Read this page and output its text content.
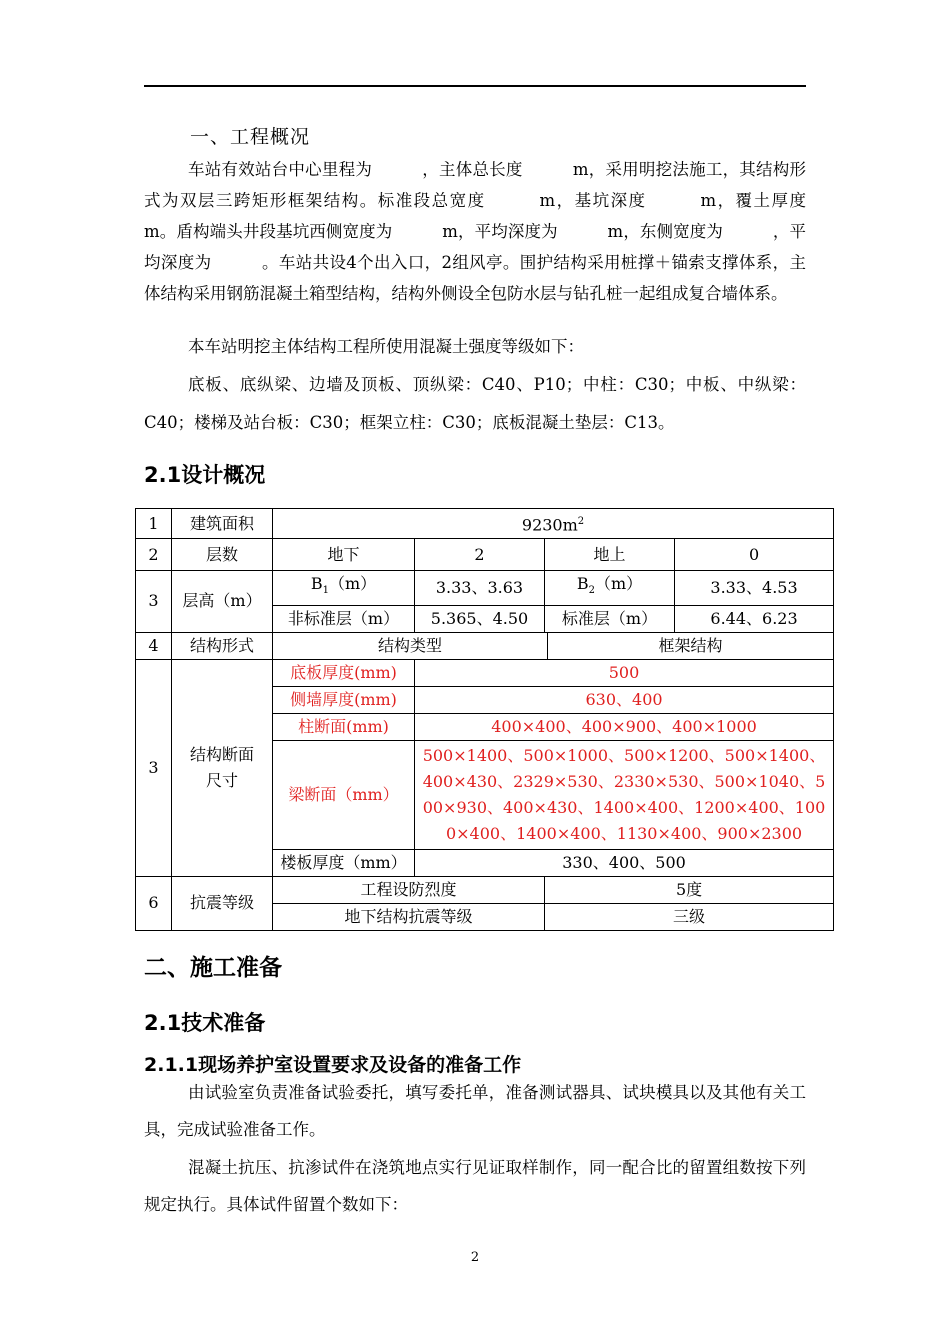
一、工程概况
车站有效站台中心里程为　　　，主体总长度　　　m，采用明挖法施工，其结构形式为双层三跨矩形框架结构。标准段总宽度　　　m，基坑深度　　　m，覆土厚度　　　m。盾构端头井段基坑西侧宽度为　　　m，平均深度为　　　m，东侧宽度为　　　，平均深度为　　　。车站共设4个出入口，2组风亭。围护结构采用桩撑＋锚索支撑体系，主体结构采用钢筋混凝土箱型结构，结构外侧设全包防水层与钻孔桩一起组成复合墙体系。
本车站明挖主体结构工程所使用混凝土强度等级如下：
底板、底纵梁、边墙及顶板、顶纵梁：C40、P10；中柱：C30；中板、中纵梁：C40；楼梯及站台板：C30；框架立柱：C30；底板混凝土垫层：C13。
2.1设计概况
1	建筑面积	$9230m^2$
2	层数	地下	2	地上		0
3	层高（m）	$B_1(m)$	3.33、3.63	$B_2(m)$		3.33、4.53
		非标准层（m）	5.365、4.50	标准层（m）		6.44、6.23
4	结构形式	结构类型			框架结构	
3	结构断面尺寸	底板厚度(mm)	500			
		侧墙厚度(mm)	630、400			
		柱断面(mm)	400×400、400×900、400×1000			
		梁断面（mm）	500×1400、500×1000、500×1200、500×1400、400×430、2329×530、2330×530、500×1040、500×930、400×430、1400×400、1200×400、1000×400、1400×400、1130×400、900×2300			
		楼板厚度（mm）	330、400、500			
6	抗震等级	工程设防烈度		5度		
		地下结构抗震等级		三级		
二、施工准备
2.1技术准备
2.1.1现场养护室设置要求及设备的准备工作
由试验室负责准备试验委托，填写委托单，准备测试器具、试块模具以及其他有关工具，完成试验准备工作。
混凝土抗压、抗渗试件在浇筑地点实行见证取样制作，同一配合比的留置组数按下列规定执行。具体试件留置个数如下：
2
